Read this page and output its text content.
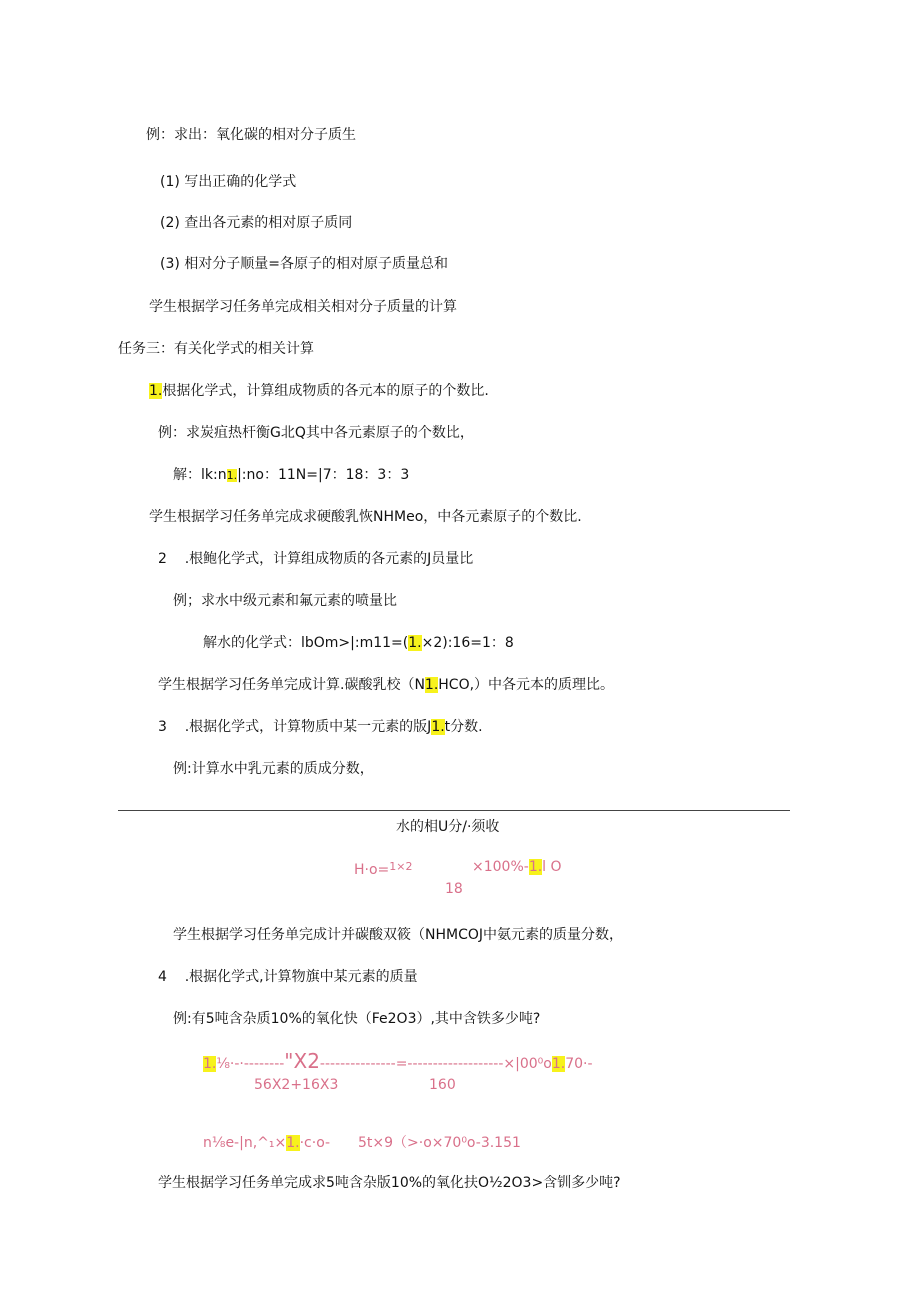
例：求出：氧化碳的相对分子质生
(1) 写出正确的化学式
(2) 查出各元素的相对原子质同
(3) 相对分子顺量=各原子的相对原子质量总和
学生根据学习任务单完成相关相对分子质量的计算
任务三：有关化学式的相关计算
1.根据化学式，计算组成物质的各元本的原子的个数比.
例：求炭疽热杆衡G北Q其中各元素原子的个数比，
解：lk:n1.|:no：11N=|7：18：3：3
学生根据学习任务单完成求硬酸乳恢NHMeo，中各元素原子的个数比.
2 .根鲍化学式，计算组成物质的各元素的J员量比
例；求水中级元素和氟元素的喷量比
解水的化学式：lbOm>|:m11=(1.×2):16=1：8
学生根据学习任务单完成计算.碳酸乳校（N1.HCO,）中各元本的质理比。
3 .根据化学式，计算物质中某一元素的版J1.t分数.
例:计算水中乳元素的质成分数，
水的相U分/·须收
H·o=$^{1\times 2}$	×100%-1.l O
18
学生根据学习任务单完成计并碳酸双筱（NHMCOJ中氨元素的质量分数，
4 .根据化学式,计算物旗中某元素的质量
例:有5吨含杂质10%的氧化快（Fe2O3）,其中含铁多少吨?
1.⅛·-·--------"X2---------------=-------------------×|00⁰o1.70·-
56X2+16X3	160
n⅛e-|n,^₁×1.·c·o- 5t×9（>·o×70⁰o-3.151
学生根据学习任务单完成求5吨含杂版10%的氧化扶O½2O3>含钏多少吨?
